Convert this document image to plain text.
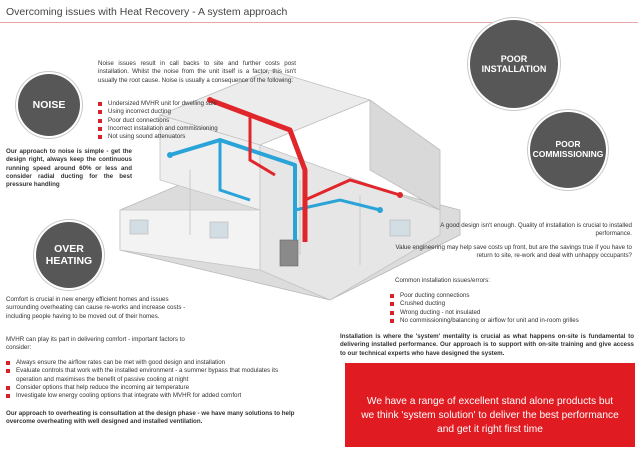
Overcoming issues with Heat Recovery - A system approach
NOISE
Noise issues result in call backs to site and further costs post installation. Whilst the noise from the unit itself is a factor, this isn't usually the root cause. Noise is usually a consequence of the following:
Undersized MVHR unit for dwelling size
Using incorrect ducting
Poor duct connections
Incorrect installation and commissioning
Not using sound attenuators
Our approach to noise is simple - get the design right, always keep the continuous running speed around 60% or less and consider radial ducting for the best pressure handling
OVER
HEATING
Comfort is crucial in new energy efficient homes and issues surrounding overheating can cause re-works and increase costs - including people having to be moved out of their homes.
MVHR can play its part in delivering comfort - important factors to consider:
Always ensure the airflow rates can be met with good design and installation
Evaluate controls that work with the installed environment - a summer bypass that modulates its operation and maximises the benefit of passive cooling at night
Consider options that help reduce the incoming air temperature
Investigate low energy cooling options that integrate with MVHR for added comfort
Our approach to overheating is consultation at the design phase - we have many solutions to help overcome overheating with well designed and installed ventilation.
POOR
INSTALLATION
POOR
COMMISSIONING
A good design isn't enough. Quality of installation is crucial to installed performance.
Value engineering may help save costs up front, but are the savings true if you have to return to site, re-work and deal with unhappy occupants?
Common installation issues/errors:
Poor ducting connections
Crushed ducting
Wrong ducting - not insulated
No commissioning/balancing or airflow for unit and in-room grilles
Installation is where the 'system' mentality is crucial as what happens on-site is fundamental to delivering installed performance. Our approach is to support with on-site training and give access to our technical experts who have designed the system.
We have a range of excellent stand alone products but we think 'system solution' to deliver the best performance and get it right first time
